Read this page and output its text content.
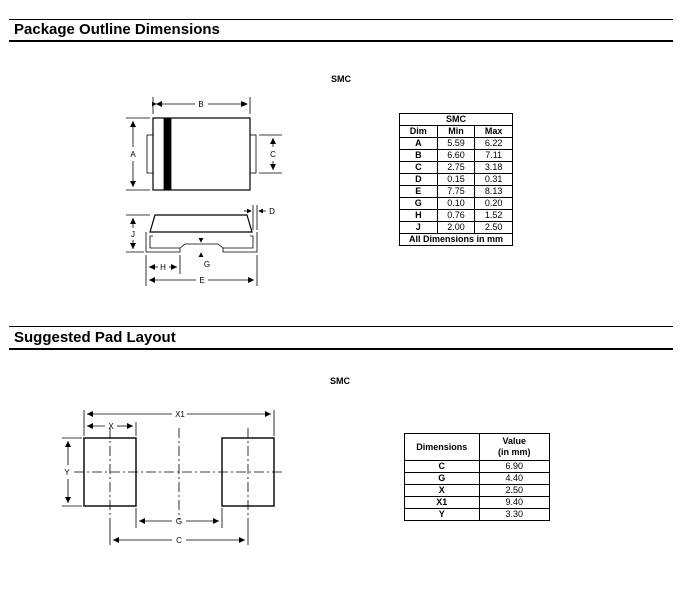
Package Outline Dimensions
SMC
B
A	C
D
J
G
H
E
SMC		
Dim	Min	Max
A	5.59	6.22
B	6.60	7.11
C	2.75	3.18
D	0.15	0.31
E	7.75	8.13
G	0.10	0.20
H	0.76	1.52
J	2.00	2.50
All Dimensions in mm		
Suggested Pad Layout
SMC
X1
X
Y
G
C
Dimensions	Value
(in mm)
C	6.90
G	4.40
X	2.50
X1	9.40
Y	3.30
